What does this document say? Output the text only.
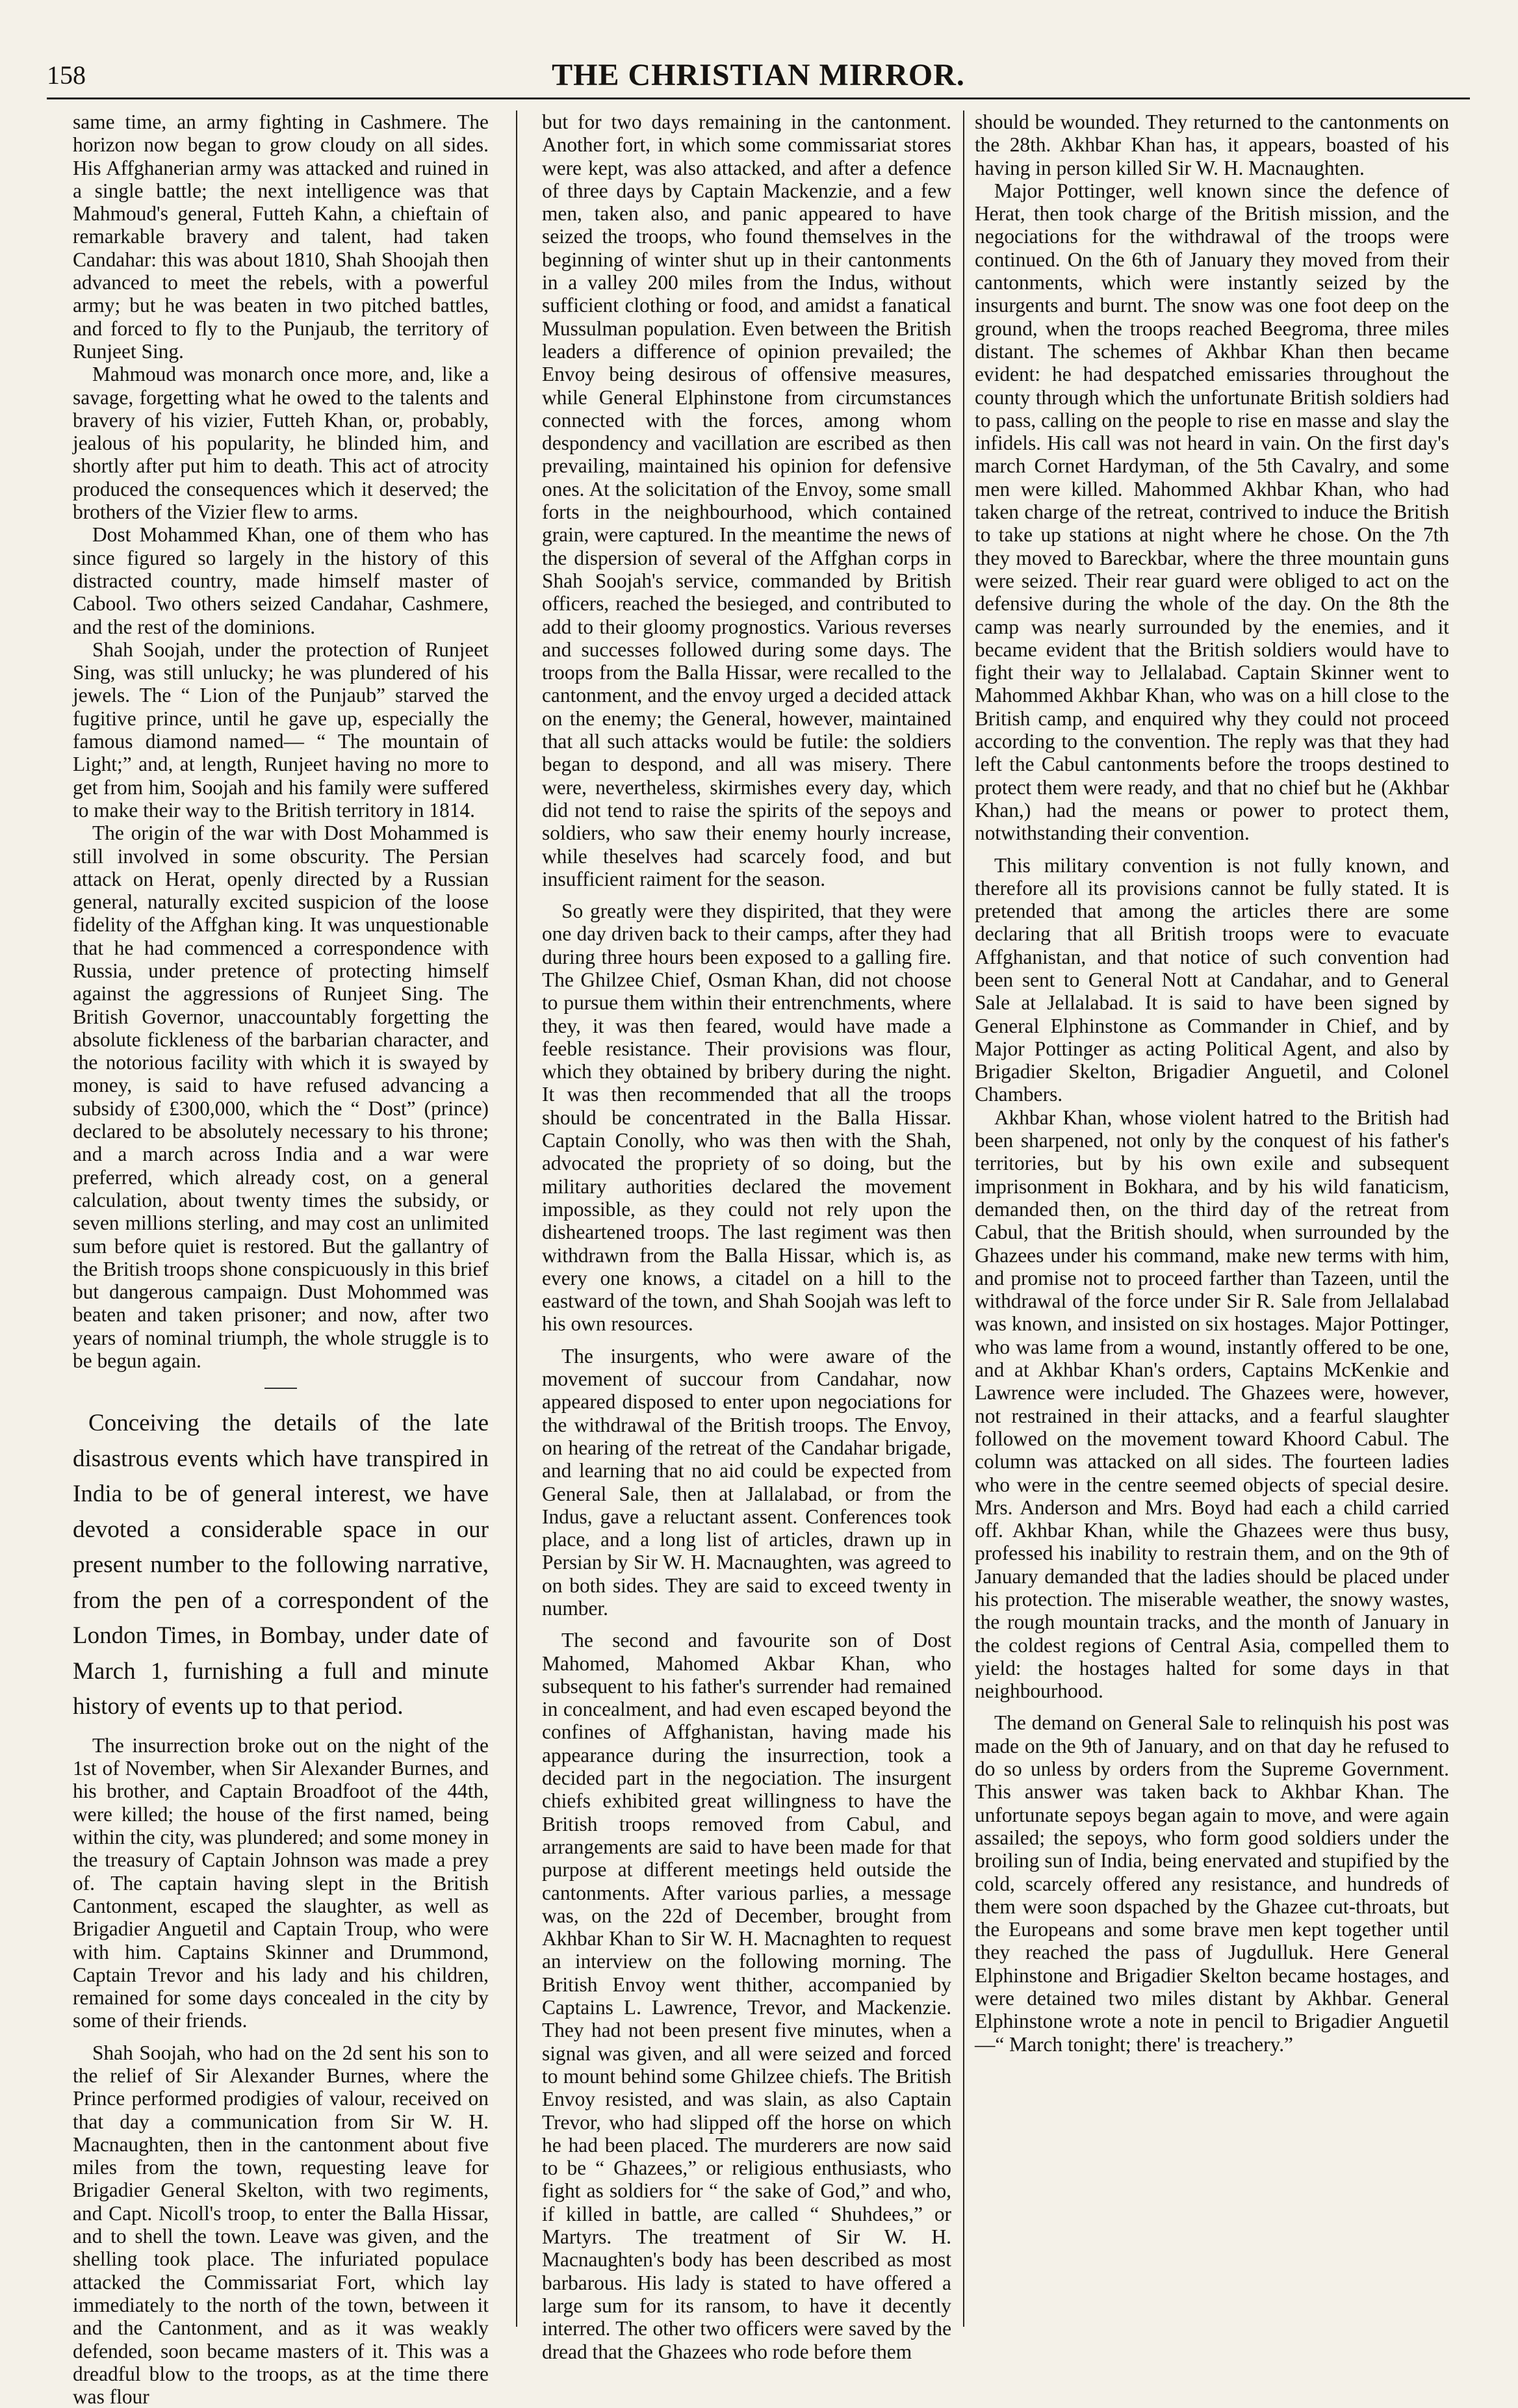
158	THE CHRISTIAN MIRROR.

same time, an army fighting in Cashmere. The horizon now began to grow cloudy on all sides. His Affghanerian army was attacked and ruined in a single battle; the next intelligence was that Mahmoud's general, Futteh Kahn, a chieftain of remarkable bravery and talent, had taken Candahar: this was about 1810, Shah Shoojah then advanced to meet the rebels, with a powerful army; but he was beaten in two pitched battles, and forced to fly to the Punjaub, the territory of Runjeet Sing.

Mahmoud was monarch once more, and, like a savage, forgetting what he owed to the talents and bravery of his vizier, Futteh Khan, or, probably, jealous of his popularity, he blinded him, and shortly after put him to death. This act of atrocity produced the consequences which it deserved; the brothers of the Vizier flew to arms.

Dost Mohammed Khan, one of them who has since figured so largely in the history of this distracted country, made himself master of Cabool. Two others seized Candahar, Cashmere, and the rest of the dominions.

Shah Soojah, under the protection of Runjeet Sing, was still unlucky; he was plundered of his jewels. The “ Lion of the Punjaub” starved the fugitive prince, until he gave up, especially the famous diamond named— “ The mountain of Light;” and, at length, Runjeet having no more to get from him, Soojah and his family were suffered to make their way to the British territory in 1814.

The origin of the war with Dost Mohammed is still involved in some obscurity. The Persian attack on Herat, openly directed by a Russian general, naturally excited suspicion of the loose fidelity of the Affghan king. It was unquestionable that he had commenced a correspondence with Russia, under pretence of protecting himself against the aggressions of Runjeet Sing. The British Governor, unaccountably forgetting the absolute fickleness of the barbarian character, and the notorious facility with which it is swayed by money, is said to have refused advancing a subsidy of £300,000, which the “ Dost” (prince) declared to be absolutely necessary to his throne; and a march across India and a war were preferred, which already cost, on a general calculation, about twenty times the subsidy, or seven millions sterling, and may cost an unlimited sum before quiet is restored. But the gallantry of the British troops shone conspicuously in this brief but dangerous campaign. Dust Mohommed was beaten and taken prisoner; and now, after two years of nominal triumph, the whole struggle is to be begun again.

Conceiving the details of the late disastrous events which have transpired in India to be of general interest, we have devoted a considerable space in our present number to the following narrative, from the pen of a correspondent of the London Times, in Bombay, under date of March 1, furnishing a full and minute history of events up to that period.

The insurrection broke out on the night of the 1st of November, when Sir Alexander Burnes, and his brother, and Captain Broadfoot of the 44th, were killed; the house of the first named, being within the city, was plundered; and some money in the treasury of Captain Johnson was made a prey of. The captain having slept in the British Cantonment, escaped the slaughter, as well as Brigadier Anguetil and Captain Troup, who were with him. Captains Skinner and Drummond, Captain Trevor and his lady and his children, remained for some days concealed in the city by some of their friends.

Shah Soojah, who had on the 2d sent his son to the relief of Sir Alexander Burnes, where the Prince performed prodigies of valour, received on that day a communication from Sir W. H. Macnaughten, then in the cantonment about five miles from the town, requesting leave for Brigadier General Skelton, with two regiments, and Capt. Nicoll's troop, to enter the Balla Hissar, and to shell the town. Leave was given, and the shelling took place. The infuriated populace attacked the Commissariat Fort, which lay immediately to the north of the town, between it and the Cantonment, and as it was weakly defended, soon became masters of it. This was a dreadful blow to the troops, as at the time there was flour

but for two days remaining in the cantonment. Another fort, in which some commissariat stores were kept, was also attacked, and after a defence of three days by Captain Mackenzie, and a few men, taken also, and panic appeared to have seized the troops, who found themselves in the beginning of winter shut up in their cantonments in a valley 200 miles from the Indus, without sufficient clothing or food, and amidst a fanatical Mussulman population. Even between the British leaders a difference of opinion prevailed; the Envoy being desirous of offensive measures, while General Elphinstone from circumstances connected with the forces, among whom despondency and vacillation are escribed as then prevailing, maintained his opinion for defensive ones. At the solicitation of the Envoy, some small forts in the neighbourhood, which contained grain, were captured. In the meantime the news of the dispersion of several of the Affghan corps in Shah Soojah's service, commanded by British officers, reached the besieged, and contributed to add to their gloomy prognostics. Various reverses and successes followed during some days. The troops from the Balla Hissar, were recalled to the cantonment, and the envoy urged a decided attack on the enemy; the General, however, maintained that all such attacks would be futile: the soldiers began to despond, and all was misery. There were, nevertheless, skirmishes every day, which did not tend to raise the spirits of the sepoys and soldiers, who saw their enemy hourly increase, while theselves had scarcely food, and but insufficient raiment for the season.

So greatly were they dispirited, that they were one day driven back to their camps, after they had during three hours been exposed to a galling fire. The Ghilzee Chief, Osman Khan, did not choose to pursue them within their entrenchments, where they, it was then feared, would have made a feeble resistance. Their provisions was flour, which they obtained by bribery during the night. It was then recommended that all the troops should be concentrated in the Balla Hissar. Captain Conolly, who was then with the Shah, advocated the propriety of so doing, but the military authorities declared the movement impossible, as they could not rely upon the disheartened troops. The last regiment was then withdrawn from the Balla Hissar, which is, as every one knows, a citadel on a hill to the eastward of the town, and Shah Soojah was left to his own resources.

The insurgents, who were aware of the movement of succour from Candahar, now appeared disposed to enter upon negociations for the withdrawal of the British troops. The Envoy, on hearing of the retreat of the Candahar brigade, and learning that no aid could be expected from General Sale, then at Jallalabad, or from the Indus, gave a reluctant assent. Conferences took place, and a long list of articles, drawn up in Persian by Sir W. H. Macnaughten, was agreed to on both sides. They are said to exceed twenty in number.

The second and favourite son of Dost Mahomed, Mahomed Akbar Khan, who subsequent to his father's surrender had remained in concealment, and had even escaped beyond the confines of Affghanistan, having made his appearance during the insurrection, took a decided part in the negociation. The insurgent chiefs exhibited great willingness to have the British troops removed from Cabul, and arrangements are said to have been made for that purpose at different meetings held outside the cantonments. After various parlies, a message was, on the 22d of December, brought from Akhbar Khan to Sir W. H. Macnaghten to request an interview on the following morning. The British Envoy went thither, accompanied by Captains L. Lawrence, Trevor, and Mackenzie. They had not been present five minutes, when a signal was given, and all were seized and forced to mount behind some Ghilzee chiefs. The British Envoy resisted, and was slain, as also Captain Trevor, who had slipped off the horse on which he had been placed. The murderers are now said to be “ Ghazees,” or religious enthusiasts, who fight as soldiers for “ the sake of God,” and who, if killed in battle, are called “ Shuhdees,” or Martyrs. The treatment of Sir W. H. Macnaughten's body has been described as most barbarous. His lady is stated to have offered a large sum for its ransom, to have it decently interred. The other two officers were saved by the dread that the Ghazees who rode before them

should be wounded. They returned to the cantonments on the 28th. Akhbar Khan has, it appears, boasted of his having in person killed Sir W. H. Macnaughten.

Major Pottinger, well known since the defence of Herat, then took charge of the British mission, and the negociations for the withdrawal of the troops were continued. On the 6th of January they moved from their cantonments, which were instantly seized by the insurgents and burnt. The snow was one foot deep on the ground, when the troops reached Beegroma, three miles distant. The schemes of Akhbar Khan then became evident: he had despatched emissaries throughout the county through which the unfortunate British soldiers had to pass, calling on the people to rise en masse and slay the infidels. His call was not heard in vain. On the first day's march Cornet Hardyman, of the 5th Cavalry, and some men were killed. Mahommed Akhbar Khan, who had taken charge of the retreat, contrived to induce the British to take up stations at night where he chose. On the 7th they moved to Bareckbar, where the three mountain guns were seized. Their rear guard were obliged to act on the defensive during the whole of the day. On the 8th the camp was nearly surrounded by the enemies, and it became evident that the British soldiers would have to fight their way to Jellalabad. Captain Skinner went to Mahommed Akhbar Khan, who was on a hill close to the British camp, and enquired why they could not proceed according to the convention. The reply was that they had left the Cabul cantonments before the troops destined to protect them were ready, and that no chief but he (Akhbar Khan,) had the means or power to protect them, notwithstanding their convention.

This military convention is not fully known, and therefore all its provisions cannot be fully stated. It is pretended that among the articles there are some declaring that all British troops were to evacuate Affghanistan, and that notice of such convention had been sent to General Nott at Candahar, and to General Sale at Jellalabad. It is said to have been signed by General Elphinstone as Commander in Chief, and by Major Pottinger as acting Political Agent, and also by Brigadier Skelton, Brigadier Anguetil, and Colonel Chambers.

Akhbar Khan, whose violent hatred to the British had been sharpened, not only by the conquest of his father's territories, but by his own exile and subsequent imprisonment in Bokhara, and by his wild fanaticism, demanded then, on the third day of the retreat from Cabul, that the British should, when surrounded by the Ghazees under his command, make new terms with him, and promise not to proceed farther than Tazeen, until the withdrawal of the force under Sir R. Sale from Jellalabad was known, and insisted on six hostages. Major Pottinger, who was lame from a wound, instantly offered to be one, and at Akhbar Khan's orders, Captains McKenkie and Lawrence were included. The Ghazees were, however, not restrained in their attacks, and a fearful slaughter followed on the movement toward Khoord Cabul. The column was attacked on all sides. The fourteen ladies who were in the centre seemed objects of special desire. Mrs. Anderson and Mrs. Boyd had each a child carried off. Akhbar Khan, while the Ghazees were thus busy, professed his inability to restrain them, and on the 9th of January demanded that the ladies should be placed under his protection. The miserable weather, the snowy wastes, the rough mountain tracks, and the month of January in the coldest regions of Central Asia, compelled them to yield: the hostages halted for some days in that neighbourhood.

The demand on General Sale to relinquish his post was made on the 9th of January, and on that day he refused to do so unless by orders from the Supreme Government. This answer was taken back to Akhbar Khan. The unfortunate sepoys began again to move, and were again assailed; the sepoys, who form good soldiers under the broiling sun of India, being enervated and stupified by the cold, scarcely offered any resistance, and hundreds of them were soon dspached by the Ghazee cut-throats, but the Europeans and some brave men kept together until they reached the pass of Jugdulluk. Here General Elphinstone and Brigadier Skelton became hostages, and were detained two miles distant by Akhbar. General Elphinstone wrote a note in pencil to Brigadier Anguetil—“ March tonight; there' is treachery.”
